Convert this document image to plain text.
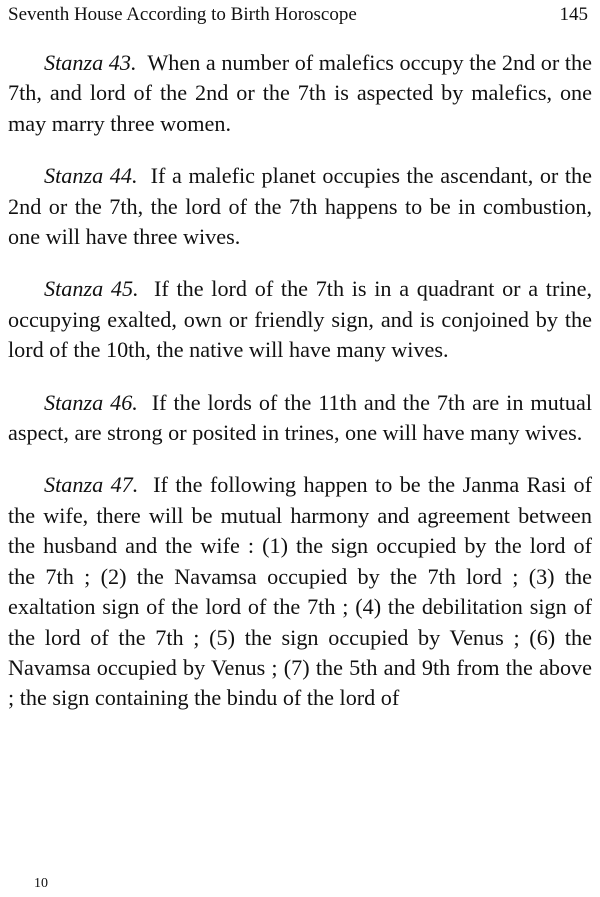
Seventh House According to Birth Horoscope	145

Stanza 43. When a number of malefics occupy the 2nd or the 7th, and lord of the 2nd or the 7th is aspected by malefics, one may marry three women.

Stanza 44. If a malefic planet occupies the ascendant, or the 2nd or the 7th, the lord of the 7th happens to be in combustion, one will have three wives.

Stanza 45. If the lord of the 7th is in a quadrant or a trine, occupying exalted, own or friendly sign, and is conjoined by the lord of the 10th, the native will have many wives.

Stanza 46. If the lords of the 11th and the 7th are in mutual aspect, are strong or posited in trines, one will have many wives.

Stanza 47. If the following happen to be the Janma Rasi of the wife, there will be mutual harmony and agreement between the husband and the wife : (1) the sign occupied by the lord of the 7th ; (2) the Navamsa occupied by the 7th lord ; (3) the exaltation sign of the lord of the 7th ; (4) the debilitation sign of the lord of the 7th ; (5) the sign occupied by Venus ; (6) the Navamsa occupied by Venus ; (7) the 5th and 9th from the above ; the sign containing the bindu of the lord of

10
